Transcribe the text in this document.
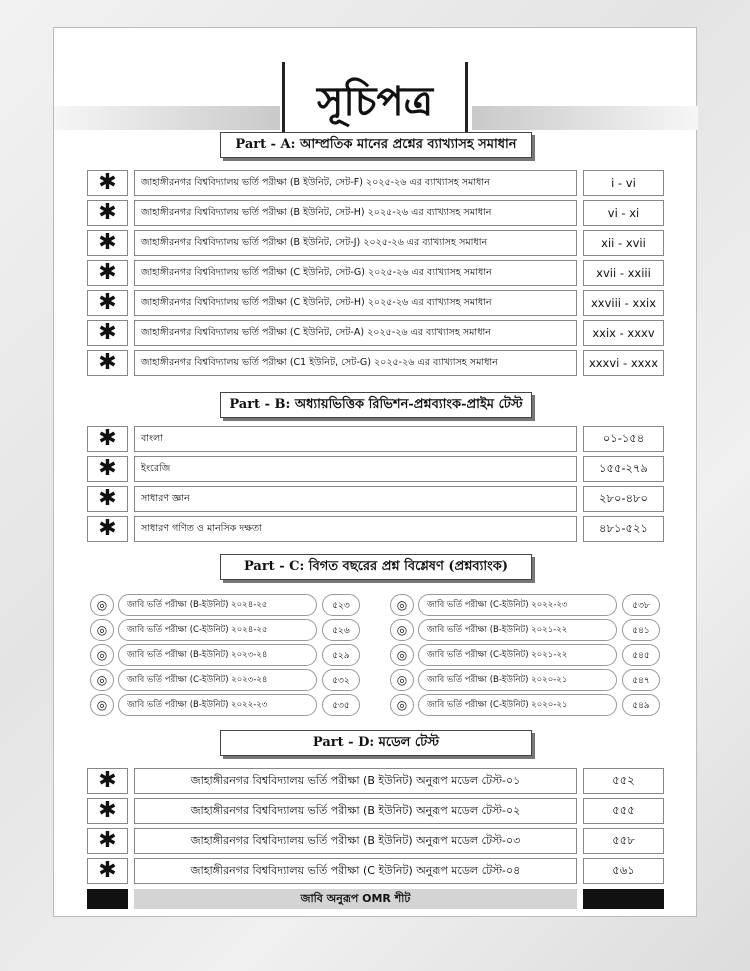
সূচিপত্র
Part - A: আম্প্রতিক মানের প্রশ্নের ব্যাখ্যাসহ সমাধান
✱	জাহাঙ্গীরনগর বিশ্ববিদ্যালয় ভর্তি পরীক্ষা (B ইউনিট, সেট-F) ২০২৫-২৬ এর ব্যাখ্যাসহ সমাধান	i - vi
✱	জাহাঙ্গীরনগর বিশ্ববিদ্যালয় ভর্তি পরীক্ষা (B ইউনিট, সেট-H) ২০২৫-২৬ এর ব্যাখ্যাসহ সমাধান	vi - xi
✱	জাহাঙ্গীরনগর বিশ্ববিদ্যালয় ভর্তি পরীক্ষা (B ইউনিট, সেট-J) ২০২৫-২৬ এর ব্যাখ্যাসহ সমাধান	xii - xvii
✱	জাহাঙ্গীরনগর বিশ্ববিদ্যালয় ভর্তি পরীক্ষা (C ইউনিট, সেট-G) ২০২৫-২৬ এর ব্যাখ্যাসহ সমাধান	xvii - xxiii
✱	জাহাঙ্গীরনগর বিশ্ববিদ্যালয় ভর্তি পরীক্ষা (C ইউনিট, সেট-H) ২০২৫-২৬ এর ব্যাখ্যাসহ সমাধান	xxviii - xxix
✱	জাহাঙ্গীরনগর বিশ্ববিদ্যালয় ভর্তি পরীক্ষা (C ইউনিট, সেট-A) ২০২৫-২৬ এর ব্যাখ্যাসহ সমাধান	xxix - xxxv
✱	জাহাঙ্গীরনগর বিশ্ববিদ্যালয় ভর্তি পরীক্ষা (C1 ইউনিট, সেট-G) ২০২৫-২৬ এর ব্যাখ্যাসহ সমাধান	xxxvi - xxxx
Part - B: অধ্যায়ভিত্তিক রিভিশন-প্রশ্নব্যাংক-প্রাইম টেস্ট
✱	বাংলা	০১-১৫৪
✱	ইংরেজি	১৫৫-২৭৯
✱	সাধারণ জ্ঞান	২৮০-৪৮০
✱	সাধারণ গণিত ও মানসিক দক্ষতা	৪৮১-৫২১
Part - C: বিগত বছরের প্রশ্ন বিশ্লেষণ (প্রশ্নব্যাংক)
◎	জাবি ভর্তি পরীক্ষা (B-ইউনিট) ২০২৪-২৫	৫২৩
◎	জাবি ভর্তি পরীক্ষা (C-ইউনিট) ২০২৪-২৫	৫২৬
◎	জাবি ভর্তি পরীক্ষা (B-ইউনিট) ২০২৩-২৪	৫২৯
◎	জাবি ভর্তি পরীক্ষা (C-ইউনিট) ২০২৩-২৪	৫৩২
◎	জাবি ভর্তি পরীক্ষা (B-ইউনিট) ২০২২-২৩	৫৩৫
◎	জাবি ভর্তি পরীক্ষা (C-ইউনিট) ২০২২-২৩	৫৩৮
◎	জাবি ভর্তি পরীক্ষা (B-ইউনিট) ২০২১-২২	৫৪১
◎	জাবি ভর্তি পরীক্ষা (C-ইউনিট) ২০২১-২২	৫৪৫
◎	জাবি ভর্তি পরীক্ষা (B-ইউনিট) ২০২০-২১	৫৪৭
◎	জাবি ভর্তি পরীক্ষা (C-ইউনিট) ২০২০-২১	৫৪৯
Part - D: মডেল টেস্ট
✱	জাহাঙ্গীরনগর বিশ্ববিদ্যালয় ভর্তি পরীক্ষা (B ইউনিট) অনুরূপ মডেল টেস্ট-০১	৫৫২
✱	জাহাঙ্গীরনগর বিশ্ববিদ্যালয় ভর্তি পরীক্ষা (B ইউনিট) অনুরূপ মডেল টেস্ট-০২	৫৫৫
✱	জাহাঙ্গীরনগর বিশ্ববিদ্যালয় ভর্তি পরীক্ষা (B ইউনিট) অনুরূপ মডেল টেস্ট-০৩	৫৫৮
✱	জাহাঙ্গীরনগর বিশ্ববিদ্যালয় ভর্তি পরীক্ষা (C ইউনিট) অনুরূপ মডেল টেস্ট-০৪	৫৬১
জাবি অনুরূপ OMR শীট
